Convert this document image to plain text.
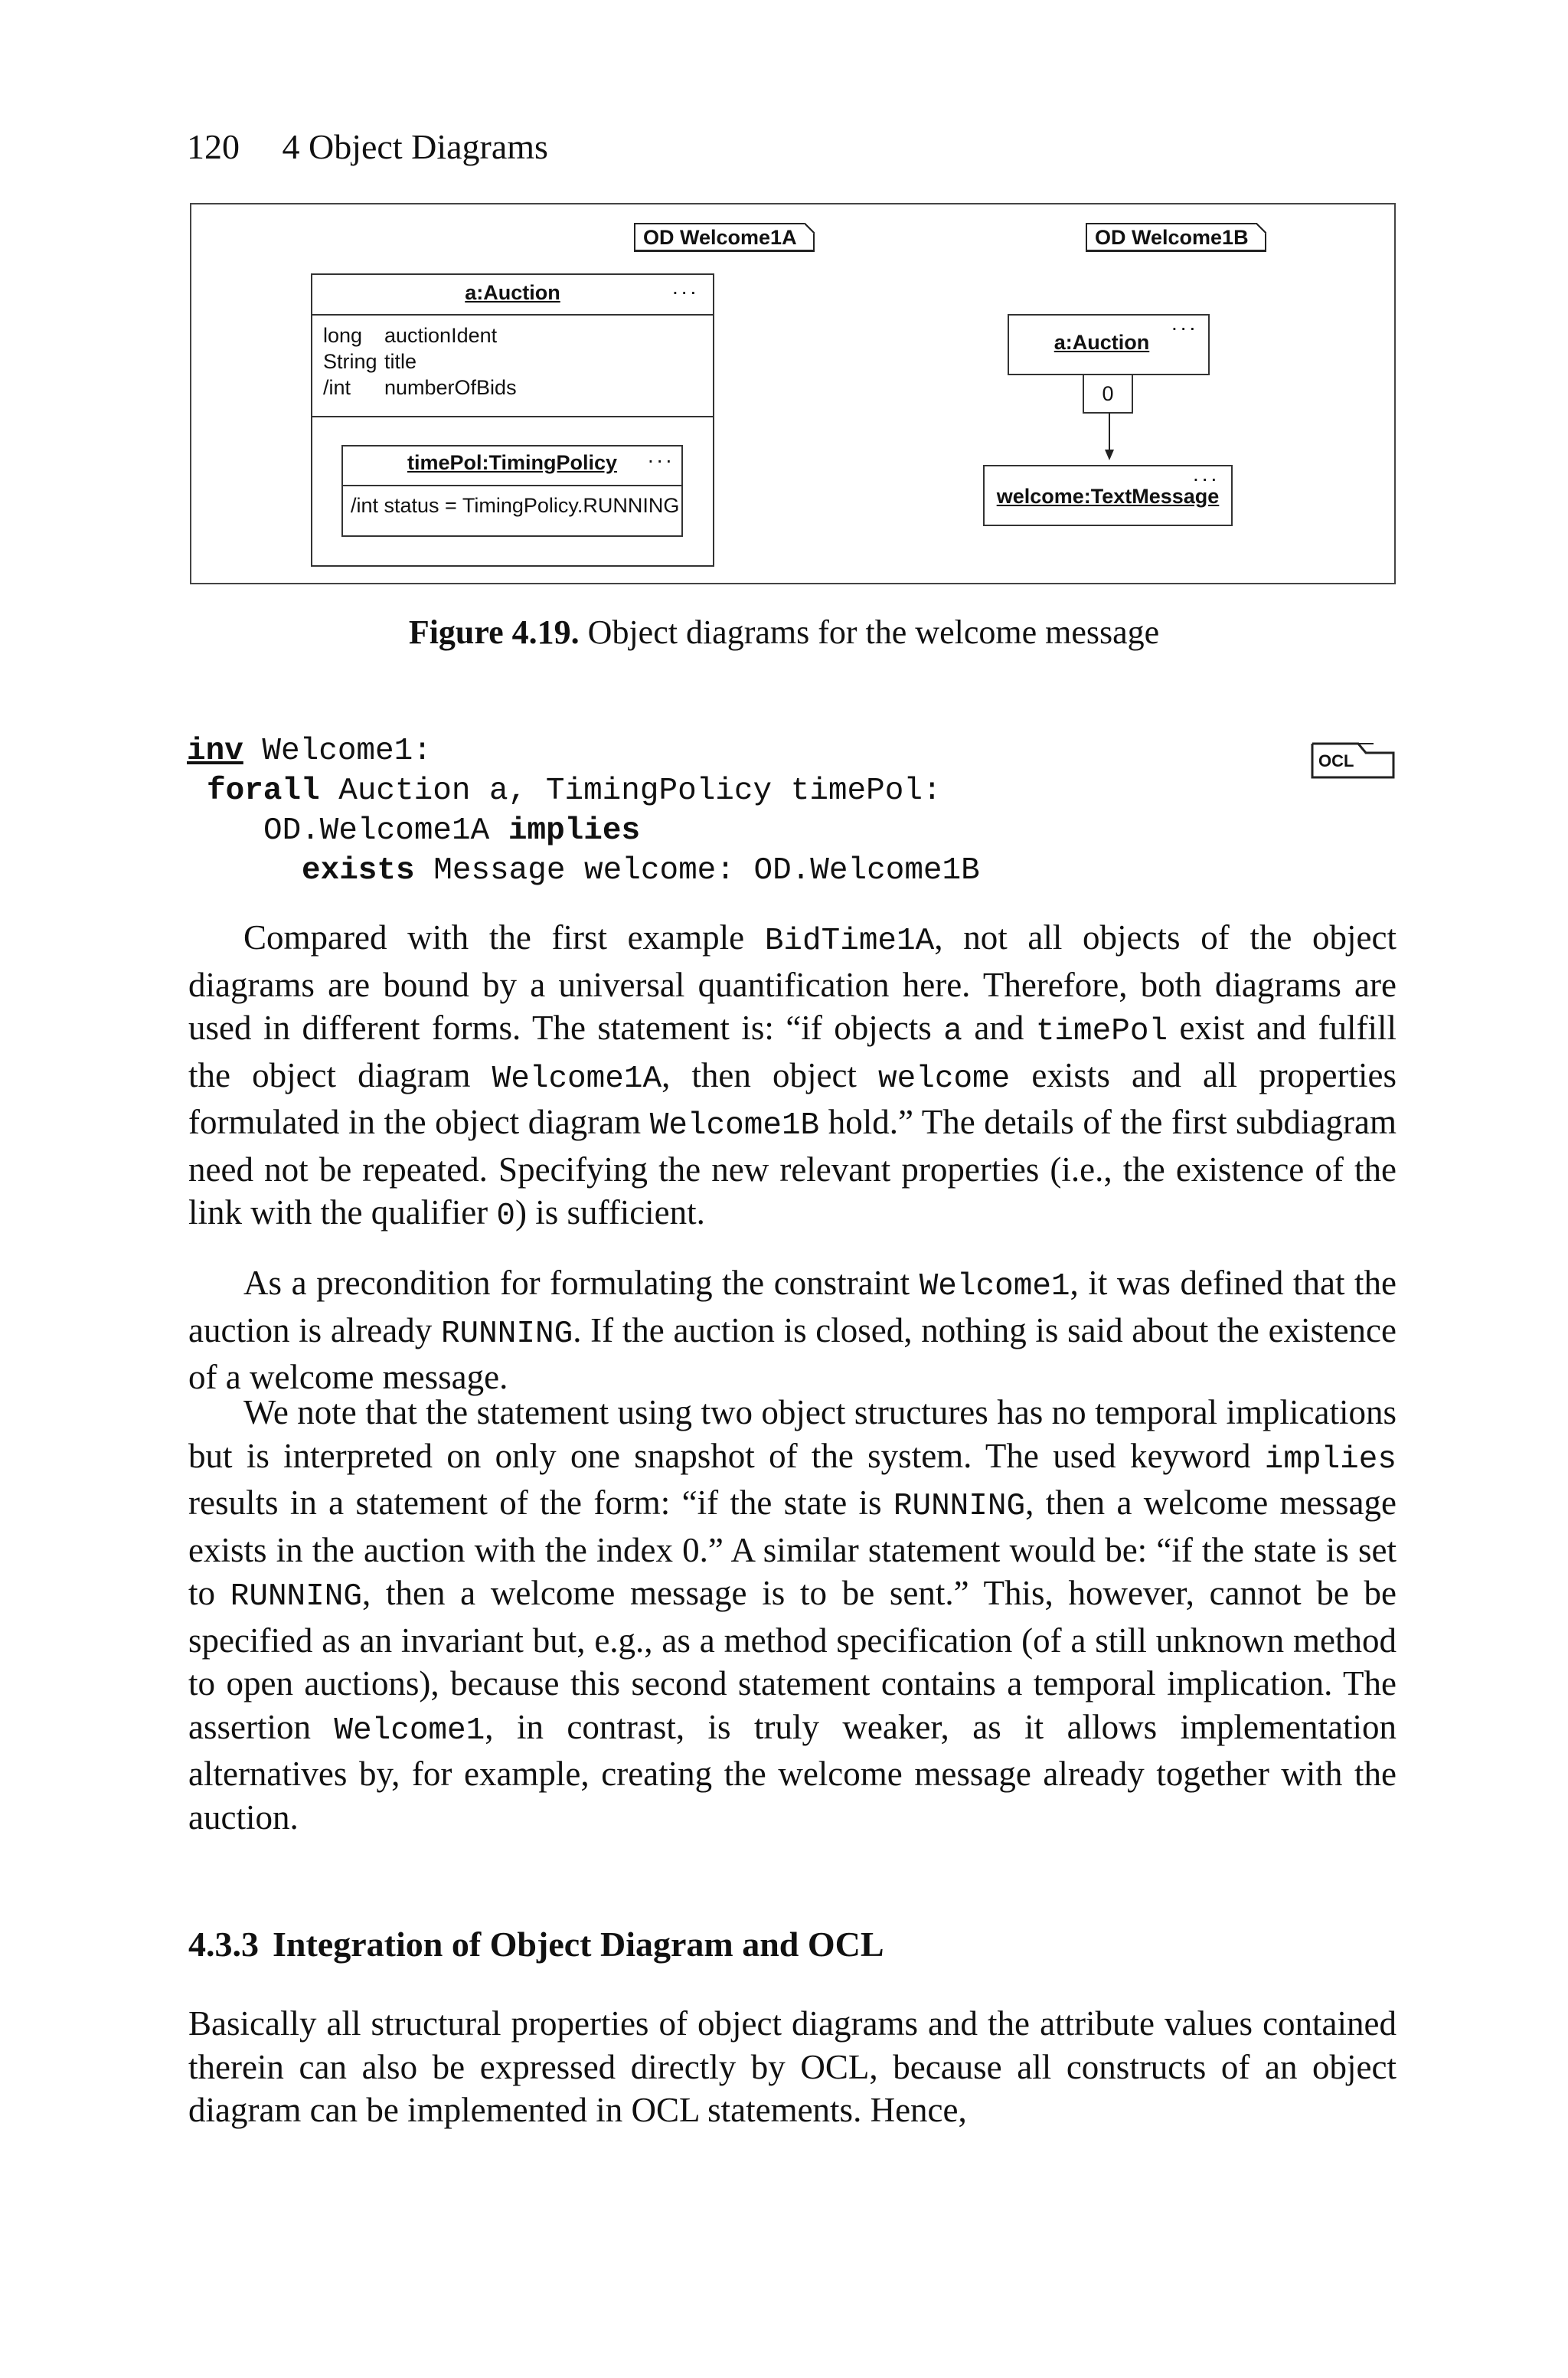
120 4 Object Diagrams
OD Welcome1A
a:Auction	...
long auctionIdent
String title
/int numberOfBids
timePol:TimingPolicy	...
/int status = TimingPolicy.RUNNING
OD Welcome1B
a:Auction
...
0
welcome:TextMessage
...
Figure 4.19. Object diagrams for the welcome message
inv Welcome1:
forall Auction a, TimingPolicy timePol:
OD.Welcome1A implies
exists Message welcome: OD.Welcome1B
OCL
Compared with the first example BidTime1A, not all objects of the object diagrams are bound by a universal quantification here. Therefore, both diagrams are used in different forms. The statement is: “if objects a and timePol exist and fulfill the object diagram Welcome1A, then object welcome exists and all properties formulated in the object diagram Welcome1B hold.” The details of the first subdiagram need not be repeated. Specifying the new relevant properties (i.e., the existence of the link with the qualifier 0) is sufficient.
As a precondition for formulating the constraint Welcome1, it was defined that the auction is already RUNNING. If the auction is closed, nothing is said about the existence of a welcome message.
We note that the statement using two object structures has no temporal implications but is interpreted on only one snapshot of the system. The used keyword implies results in a statement of the form: “if the state is RUNNING, then a welcome message exists in the auction with the index 0.” A similar statement would be: “if the state is set to RUNNING, then a welcome message is to be sent.” This, however, cannot be be specified as an invariant but, e.g., as a method specification (of a still unknown method to open auctions), because this second statement contains a temporal implication. The assertion Welcome1, in contrast, is truly weaker, as it allows implementation alternatives by, for example, creating the welcome message already together with the auction.
4.3.3 Integration of Object Diagram and OCL
Basically all structural properties of object diagrams and the attribute values contained therein can also be expressed directly by OCL, because all constructs of an object diagram can be implemented in OCL statements. Hence,
